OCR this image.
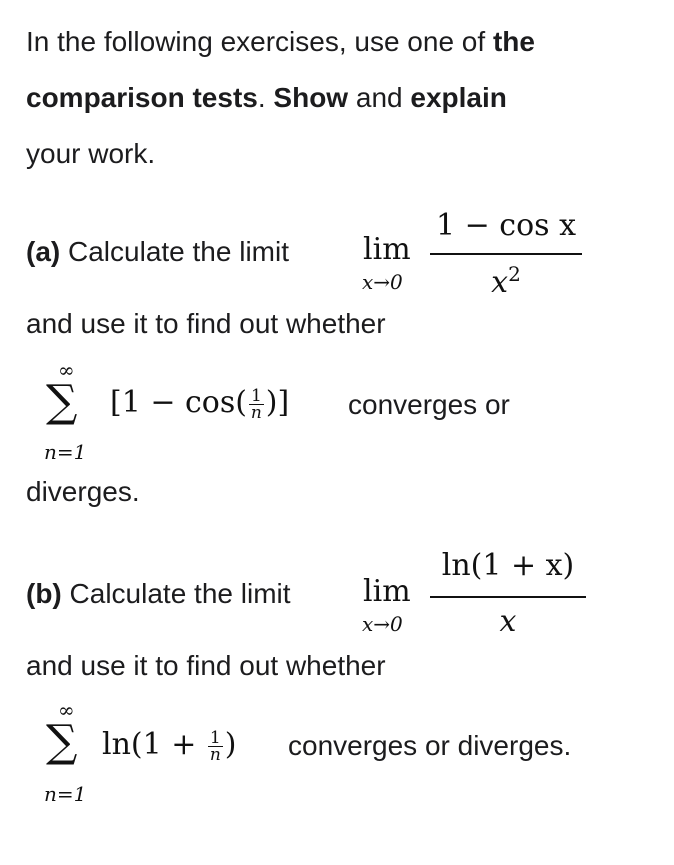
In the following exercises, use one of the
comparison tests. Show and explain
your work.
(a) Calculate the limit lim
x→0
1 − cos x
$x^2$
and use it to find out whether
∞
∑
n=1
[$1 - \cos( \frac{1}{n}$ )] converges or
diverges.
(b) Calculate the limit lim
x→0
ln(1 + x)
x
and use it to find out whether
∞
∑
n=1
$\ln(1 + \frac{1}{n}$ ) converges or diverges.
